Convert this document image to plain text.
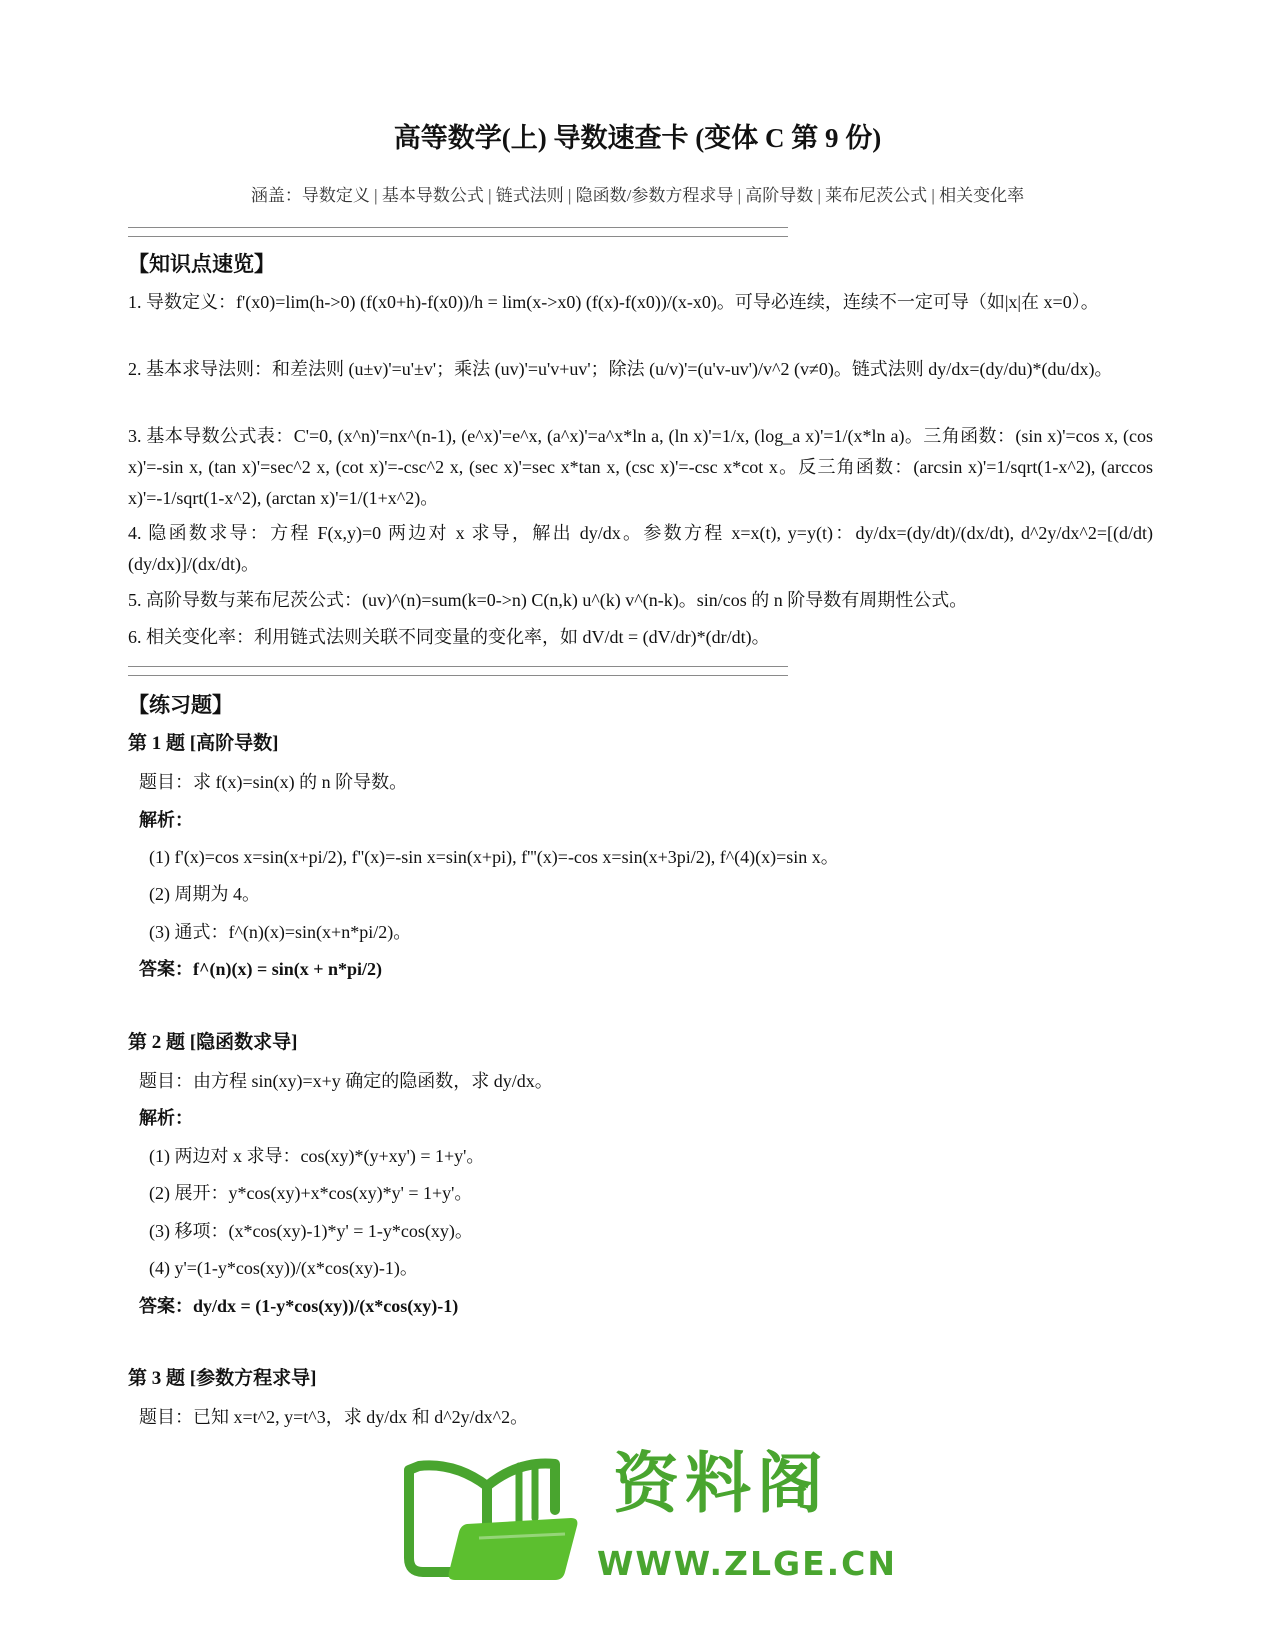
高等数学(上) 导数速查卡 (变体 C 第 9 份)
涵盖：导数定义 | 基本导数公式 | 链式法则 | 隐函数/参数方程求导 | 高阶导数 | 莱布尼茨公式 | 相关变化率
【知识点速览】
1. 导数定义：f'(x0)=lim(h->0) (f(x0+h)-f(x0))/h = lim(x->x0) (f(x)-f(x0))/(x-x0)。可导必连续，连续不一定可导（如|x|在 x=0）。
2. 基本求导法则：和差法则 (u±v)'=u'±v'；乘法 (uv)'=u'v+uv'；除法 (u/v)'=(u'v-uv')/v^2 (v≠0)。链式法则 dy/dx=(dy/du)*(du/dx)。
3. 基本导数公式表：C'=0, (x^n)'=nx^(n-1), (e^x)'=e^x, (a^x)'=a^x*ln a, (ln x)'=1/x, (log_a x)'=1/(x*ln a)。三角函数：(sin x)'=cos x, (cos x)'=-sin x, (tan x)'=sec^2 x, (cot x)'=-csc^2 x, (sec x)'=sec x*tan x, (csc x)'=-csc x*cot x。反三角函数：(arcsin x)'=1/sqrt(1-x^2), (arccos x)'=-1/sqrt(1-x^2), (arctan x)'=1/(1+x^2)。
4. 隐函数求导：方程 F(x,y)=0 两边对 x 求导，解出 dy/dx。参数方程 x=x(t), y=y(t)：dy/dx=(dy/dt)/(dx/dt), d^2y/dx^2=[(d/dt)(dy/dx)]/(dx/dt)。
5. 高阶导数与莱布尼茨公式：(uv)^(n)=sum(k=0->n) C(n,k) u^(k) v^(n-k)。sin/cos 的 n 阶导数有周期性公式。
6. 相关变化率：利用链式法则关联不同变量的变化率，如 dV/dt = (dV/dr)*(dr/dt)。
【练习题】
第 1 题 [高阶导数]
题目：求 f(x)=sin(x) 的 n 阶导数。
解析：
(1) f'(x)=cos x=sin(x+pi/2), f''(x)=-sin x=sin(x+pi), f'''(x)=-cos x=sin(x+3pi/2), f^(4)(x)=sin x。
(2) 周期为 4。
(3) 通式：f^(n)(x)=sin(x+n*pi/2)。
答案：f^(n)(x) = sin(x + n*pi/2)
第 2 题 [隐函数求导]
题目：由方程 sin(xy)=x+y 确定的隐函数，求 dy/dx。
解析：
(1) 两边对 x 求导：cos(xy)*(y+xy') = 1+y'。
(2) 展开：y*cos(xy)+x*cos(xy)*y' = 1+y'。
(3) 移项：(x*cos(xy)-1)*y' = 1-y*cos(xy)。
(4) y'=(1-y*cos(xy))/(x*cos(xy)-1)。
答案：dy/dx = (1-y*cos(xy))/(x*cos(xy)-1)
第 3 题 [参数方程求导]
题目：已知 x=t^2, y=t^3，求 dy/dx 和 d^2y/dx^2。
资料阁
WWW.ZLGE.CN
